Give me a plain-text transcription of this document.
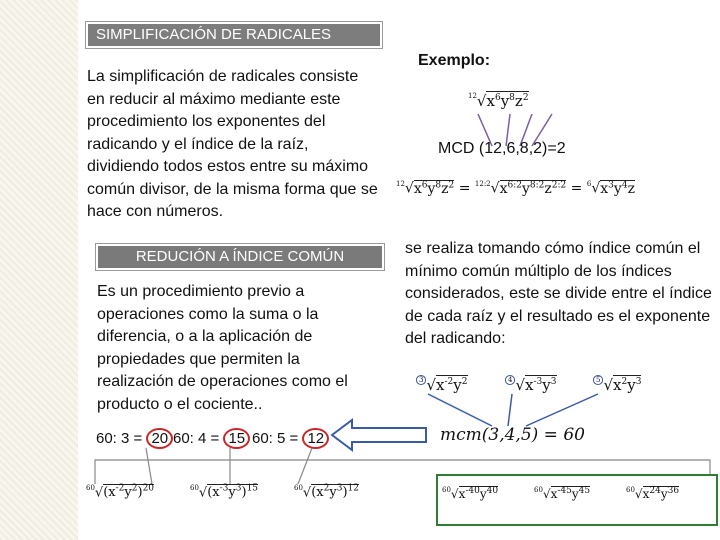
SIMPLIFICACIÓN DE RADICALES
La simplificación de radicales consiste en reducir al máximo mediante este procedimiento los exponentes del radicando y el índice de la raíz, dividiendo todos estos entre su máximo común divisor, de la misma forma que se hace con números.
REDUCIÓN A ÍNDICE COMÚN
Es un procedimiento previo a operaciones como la suma o la diferencia, o a la aplicación de propiedades que permiten la realización de operaciones como el producto o el cociente..
Exemplo:
$^{12}√x^6y^8z^2$
MCD (12,6,8,2)=2
$^{12}√x^6y^8z^2 = ^{12:2}√x^{6:2}y^{8:2}z^{2:2} = ^6√x^3y^4z$
se realiza tomando cómo índice común el mínimo común múltiplo de los índices considerados, este se divide entre el índice de cada raíz y el resultado es el exponente del radicando:
$^3$ $√x^{-2}y^2$	$^4$ $√x^{-3}y^3$	$^5$ $√x^2y^3$
mcm(3,4,5) = 60
60: 3 = 20 60: 4 = 15 60: 5 = 12
$^{60}√(x^{-2}y^2)^{20}$	$^{60}√(x^{-3}y^3)^{15}$	$^{60}√(x^2y^3)^{12}$	$^{60}√x^{-40}y^{40}$	$^{60}√x^{-45}y^{45}$	$^{60}√x^{24}y^{36}$
